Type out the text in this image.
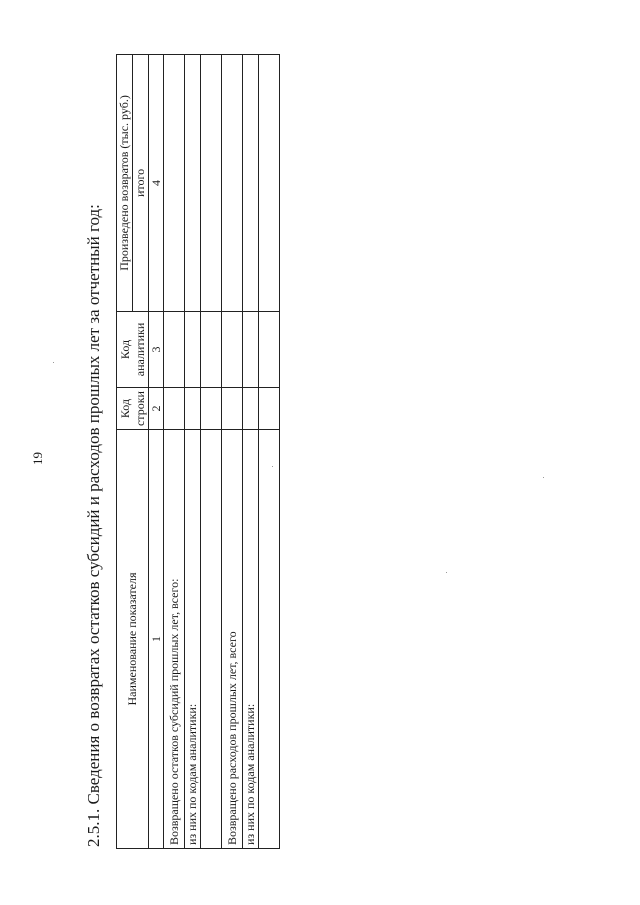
19 2.5.1. Сведения о возвратах остатков субсидий и расходов прошлых лет за отчетный год: Наименование показателя	Код строки	Код аналитики	Произведено возвратов (тыс. руб.)
			итого
1	2	3	4
Возвращено остатков субсидий прошлых лет, всего:			
из них по кодам аналитики:			

Возвращено расходов прошлых лет, всего			
из них по кодам аналитики:			
